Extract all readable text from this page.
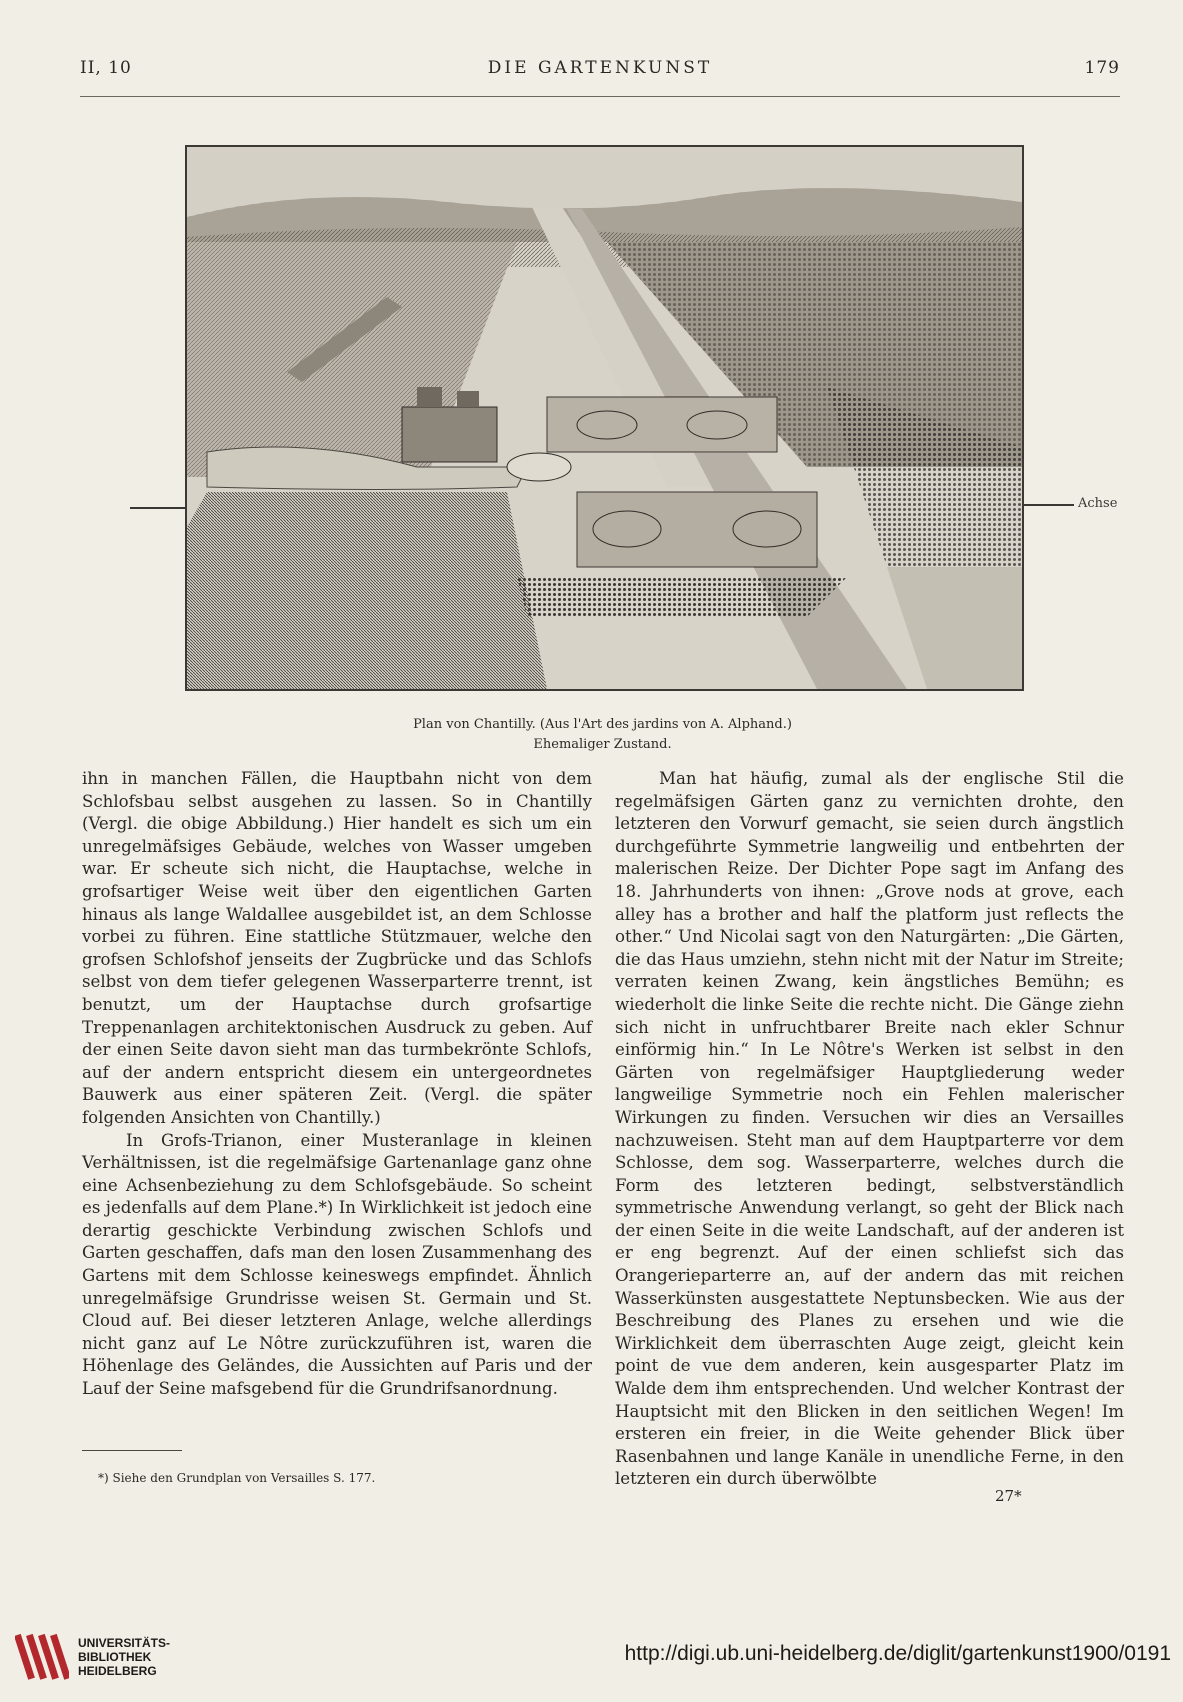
II, 10	DIE GARTENKUNST	179
Achse
Plan von Chantilly. (Aus l'Art des jardins von A. Alphand.)
Ehemaliger Zustand.

ihn in manchen Fällen, die Hauptbahn nicht von dem Schlofsbau selbst ausgehen zu lassen. So in Chantilly (Vergl. die obige Abbildung.) Hier handelt es sich um ein unregelmäfsiges Gebäude, welches von Wasser umgeben war. Er scheute sich nicht, die Hauptachse, welche in grofsartiger Weise weit über den eigentlichen Garten hinaus als lange Waldallee ausgebildet ist, an dem Schlosse vorbei zu führen. Eine stattliche Stützmauer, welche den grofsen Schlofshof jenseits der Zugbrücke und das Schlofs selbst von dem tiefer gelegenen Wasserparterre trennt, ist benutzt, um der Hauptachse durch grofsartige Treppenanlagen architektonischen Ausdruck zu geben. Auf der einen Seite davon sieht man das turmbekrönte Schlofs, auf der andern entspricht diesem ein untergeordnetes Bauwerk aus einer späteren Zeit. (Vergl. die später folgenden Ansichten von Chantilly.)

In Grofs-Trianon, einer Musteranlage in kleinen Verhältnissen, ist die regelmäfsige Gartenanlage ganz ohne eine Achsenbeziehung zu dem Schlofsgebäude. So scheint es jedenfalls auf dem Plane.*) In Wirklichkeit ist jedoch eine derartig geschickte Verbindung zwischen Schlofs und Garten geschaffen, dafs man den losen Zusammenhang des Gartens mit dem Schlosse keineswegs empfindet. Ähnlich unregelmäfsige Grundrisse weisen St. Germain und St. Cloud auf. Bei dieser letzteren Anlage, welche allerdings nicht ganz auf Le Nôtre zurückzuführen ist, waren die Höhenlage des Geländes, die Aussichten auf Paris und der Lauf der Seine mafsgebend für die Grundrifsanordnung.

Man hat häufig, zumal als der englische Stil die regelmäfsigen Gärten ganz zu vernichten drohte, den letzteren den Vorwurf gemacht, sie seien durch ängstlich durchgeführte Symmetrie langweilig und entbehrten der malerischen Reize. Der Dichter Pope sagt im Anfang des 18. Jahrhunderts von ihnen: „Grove nods at grove, each alley has a brother and half the platform just reflects the other.“ Und Nicolai sagt von den Naturgärten: „Die Gärten, die das Haus umziehn, stehn nicht mit der Natur im Streite; verraten keinen Zwang, kein ängstliches Bemühn; es wiederholt die linke Seite die rechte nicht. Die Gänge ziehn sich nicht in unfruchtbarer Breite nach ekler Schnur einförmig hin.“ In Le Nôtre's Werken ist selbst in den Gärten von regelmäfsiger Hauptgliederung weder langweilige Symmetrie noch ein Fehlen malerischer Wirkungen zu finden. Versuchen wir dies an Versailles nachzuweisen. Steht man auf dem Hauptparterre vor dem Schlosse, dem sog. Wasserparterre, welches durch die Form des letzteren bedingt, selbstverständlich symmetrische Anwendung verlangt, so geht der Blick nach der einen Seite in die weite Landschaft, auf der anderen ist er eng begrenzt. Auf der einen schliefst sich das Orangerieparterre an, auf der andern das mit reichen Wasserkünsten ausgestattete Neptunsbecken. Wie aus der Beschreibung des Planes zu ersehen und wie die Wirklichkeit dem überraschten Auge zeigt, gleicht kein point de vue dem anderen, kein ausgesparter Platz im Walde dem ihm entsprechenden. Und welcher Kontrast der Hauptsicht mit den Blicken in den seitlichen Wegen! Im ersteren ein freier, in die Weite gehender Blick über Rasenbahnen und lange Kanäle in unendliche Ferne, in den letzteren ein durch überwölbte

*) Siehe den Grundplan von Versailles S. 177.
27*
UNIVERSITÄTS-
BIBLIOTHEK
HEIDELBERG
http://digi.ub.uni-heidelberg.de/diglit/gartenkunst1900/0191
